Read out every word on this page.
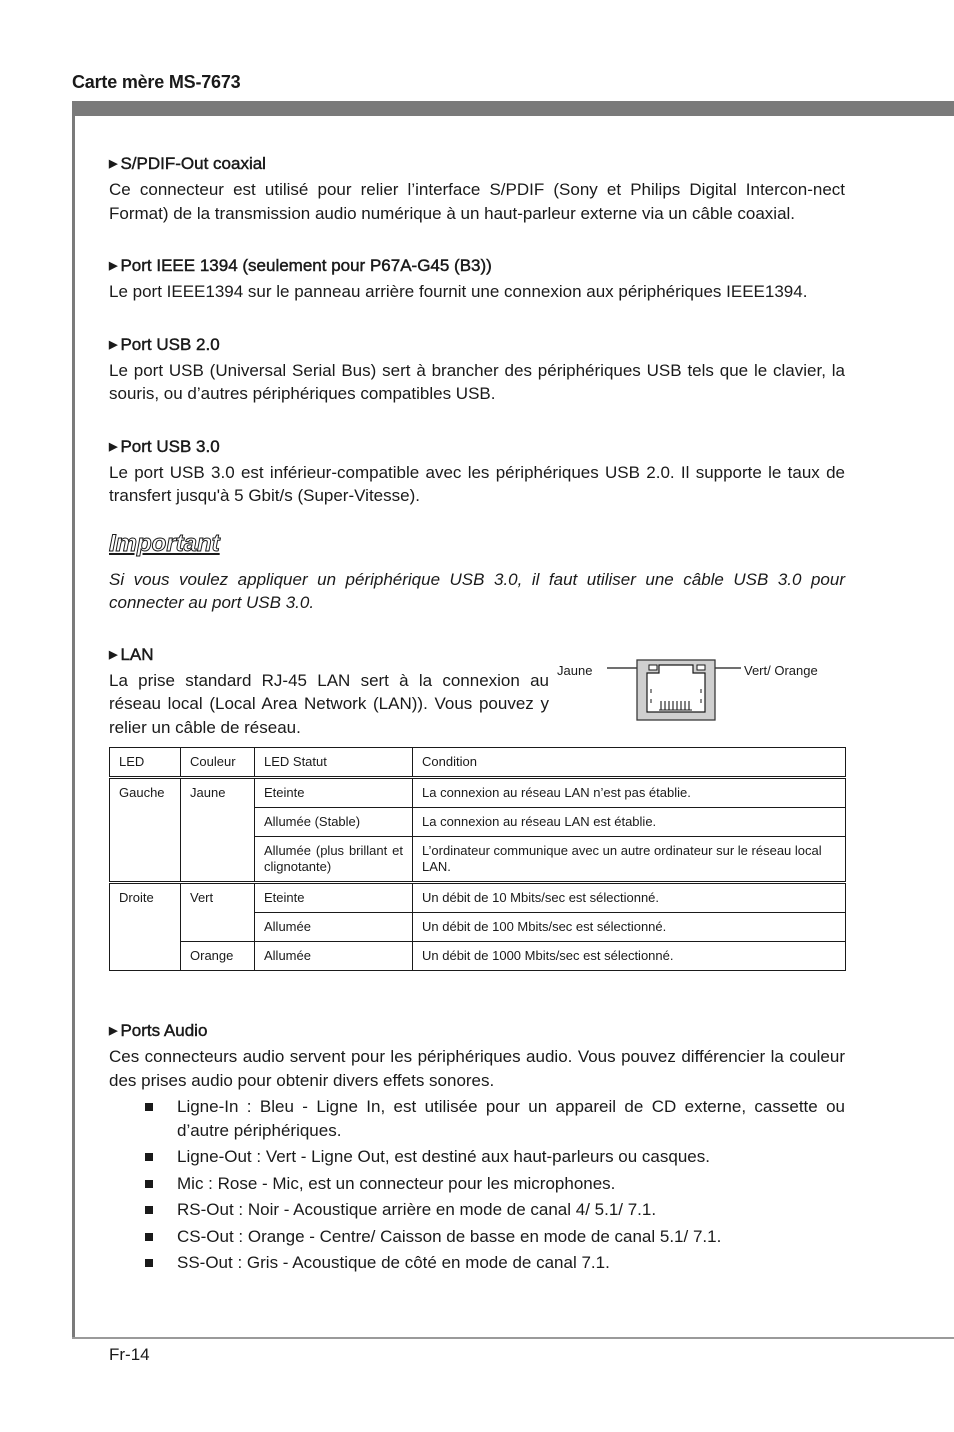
Carte mère MS-7673
▶ S/PDIF-Out coaxial

Ce connecteur est utilisé pour relier l’interface S/PDIF (Sony et Philips Digital Intercon-nect Format) de la transmission audio numérique à un haut-parleur externe via un câble coaxial.

▶ Port IEEE 1394 (seulement pour P67A-G45 (B3))

Le port IEEE1394 sur le panneau arrière fournit une connexion aux périphériques IEEE1394.

▶ Port USB 2.0

Le port USB (Universal Serial Bus) sert à brancher des périphériques USB tels que le clavier, la souris, ou d’autres périphériques compatibles USB.

▶ Port USB 3.0

Le port USB 3.0 est inférieur-compatible avec les périphériques USB 2.0. Il supporte le taux de transfert jusqu'à 5 Gbit/s (Super-Vitesse).

Important

Si vous voulez appliquer un périphérique USB 3.0, il faut utiliser une câble USB 3.0 pour connecter au port USB 3.0.

▶ LAN

La prise standard RJ-45 LAN sert à la connexion au réseau local (Local Area Network (LAN)). Vous pouvez y relier un câble de réseau.

Jaune	Vert/ Orange
LED	Couleur	LED Statut	Condition
Gauche	Jaune	Eteinte	La connexion au réseau LAN n’est pas établie.
		Allumée (Stable)	La connexion au réseau LAN est établie.
		Allumée (plus brillant et clignotante)	L’ordinateur communique avec un autre ordinateur sur le réseau local LAN.
Droite	Vert	Eteinte	Un débit de 10 Mbits/sec est sélectionné.
		Allumée	Un débit de 100 Mbits/sec est sélectionné.
	Orange	Allumée	Un débit de 1000 Mbits/sec est sélectionné.
▶ Ports Audio

Ces connecteurs audio servent pour les périphériques audio. Vous pouvez différencier la couleur des prises audio pour obtenir divers effets sonores.

Ligne-In : Bleu - Ligne In, est utilisée pour un appareil de CD externe, cassette ou d’autre périphériques.
Ligne-Out : Vert - Ligne Out, est destiné aux haut-parleurs ou casques.
Mic : Rose - Mic, est un connecteur pour les microphones.
RS-Out : Noir - Acoustique arrière en mode de canal 4/ 5.1/ 7.1.
CS-Out : Orange - Centre/ Caisson de basse en mode de canal 5.1/ 7.1.
SS-Out : Gris - Acoustique de côté en mode de canal 7.1.
Fr-14
